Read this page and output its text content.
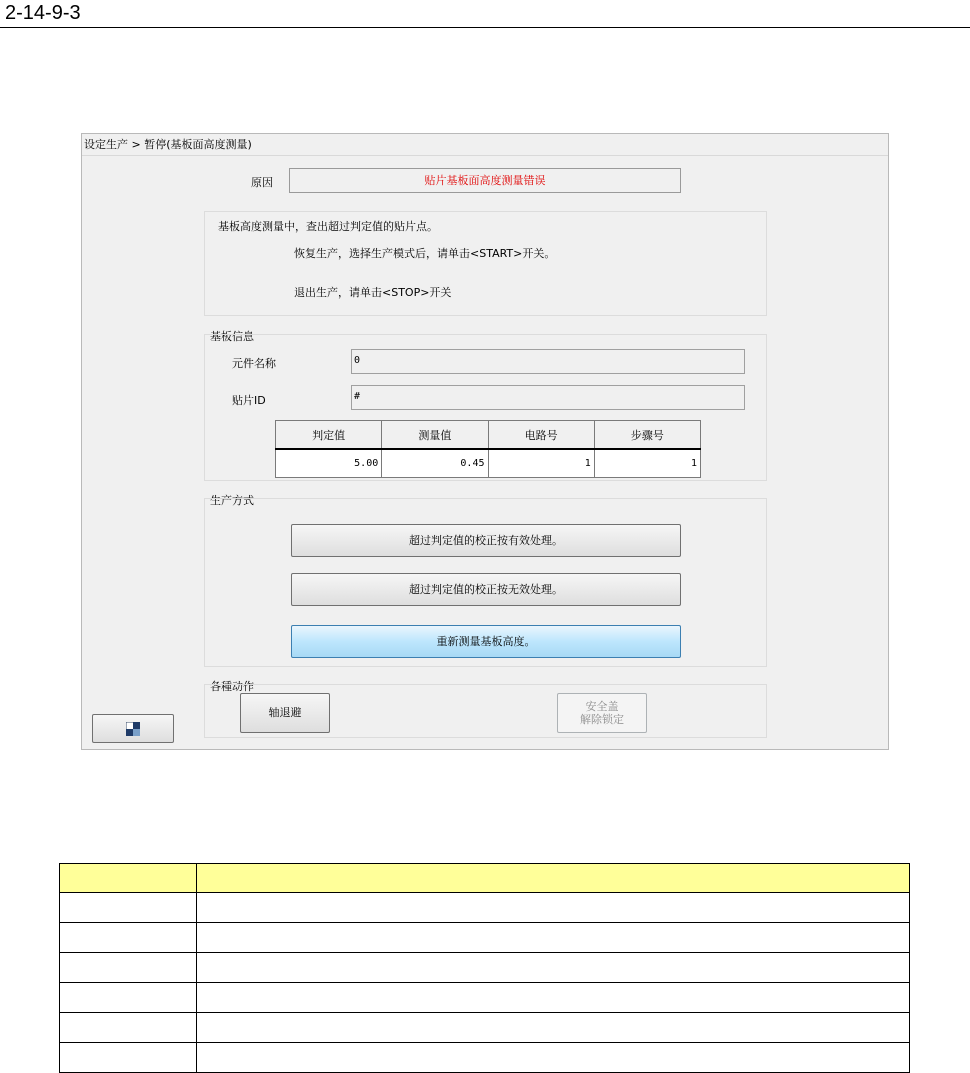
2-14-9-3
设定生产 > 暂停(基板面高度测量)
原因	贴片基板面高度测量错误
基板高度测量中，查出超过判定值的贴片点。
恢复生产，选择生产模式后，请单击<START>开关。
退出生产，请单击<STOP>开关
基板信息
元件名称	0
贴片ID	#
判定值	测量值	电路号	步骤号
5.00	0.45	1	1
生产方式
超过判定值的校正按有效处理。
超过判定值的校正按无效处理。
重新测量基板高度。
各種动作
轴退避	安全盖
解除锁定
